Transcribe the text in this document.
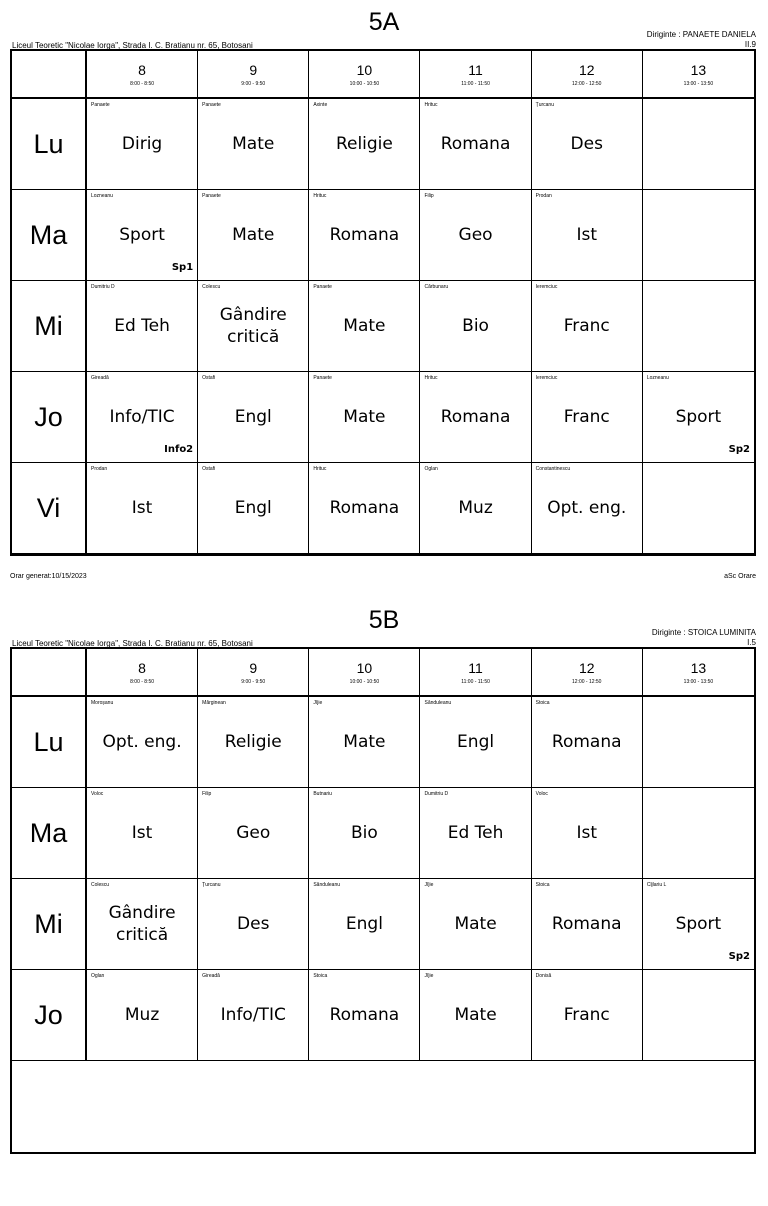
5A
Liceul Teoretic "Nicolae Iorga", Strada I. C. Bratianu nr. 65, Botosani
Diriginte : PANAETE DANIELA
II.9
8
8:00 - 8:50
9
9:00 - 9:50
10
10:00 - 10:50
11
11:00 - 11:50
12
12:00 - 12:50
13
13:00 - 13:50
Lu
Panaete
Dirig
Panaete
Mate
Axinte
Religie
Hrituc
Romana
Țurcanu
Des
Ma
Lozneanu
Sport
Sp1
Panaete
Mate
Hrituc
Romana
Filip
Geo
Prodan
Ist
Mi
Dumitriu D
Ed Teh
Colescu
Gândire critică
Panaete
Mate
Cărbunaru
Bio
Ieremciuc
Franc
Jo
Gireadă
Info/TIC
Info2
Ostafi
Engl
Panaete
Mate
Hrituc
Romana
Ieremciuc
Franc
Lozneanu
Sport
Sp2
Vi
Prodan
Ist
Ostafi
Engl
Hrituc
Romana
Oglan
Muz
Constantinescu
Opt. eng.
Orar generat:10/15/2023	aSc Orare
5B
Liceul Teoretic "Nicolae Iorga", Strada I. C. Bratianu nr. 65, Botosani
Diriginte : STOICA LUMINITA
I.5
8
8:00 - 8:50
9
9:00 - 9:50
10
10:00 - 10:50
11
11:00 - 11:50
12
12:00 - 12:50
13
13:00 - 13:50
Lu
Moroșanu
Opt. eng.
Mărginean
Religie
Jîjie
Mate
Sănduleanu
Engl
Stoica
Romana
Ma
Voloc
Ist
Filip
Geo
Butnariu
Bio
Dumitriu D
Ed Teh
Voloc
Ist
Mi
Colescu
Gândire critică
Țurcanu
Des
Sănduleanu
Engl
Jîjie
Mate
Stoica
Romana
Cljlariu L
Sport
Sp2
Jo
Oglan
Muz
Gireadă
Info/TIC
Stoica
Romana
Jîjie
Mate
Donisă
Franc
